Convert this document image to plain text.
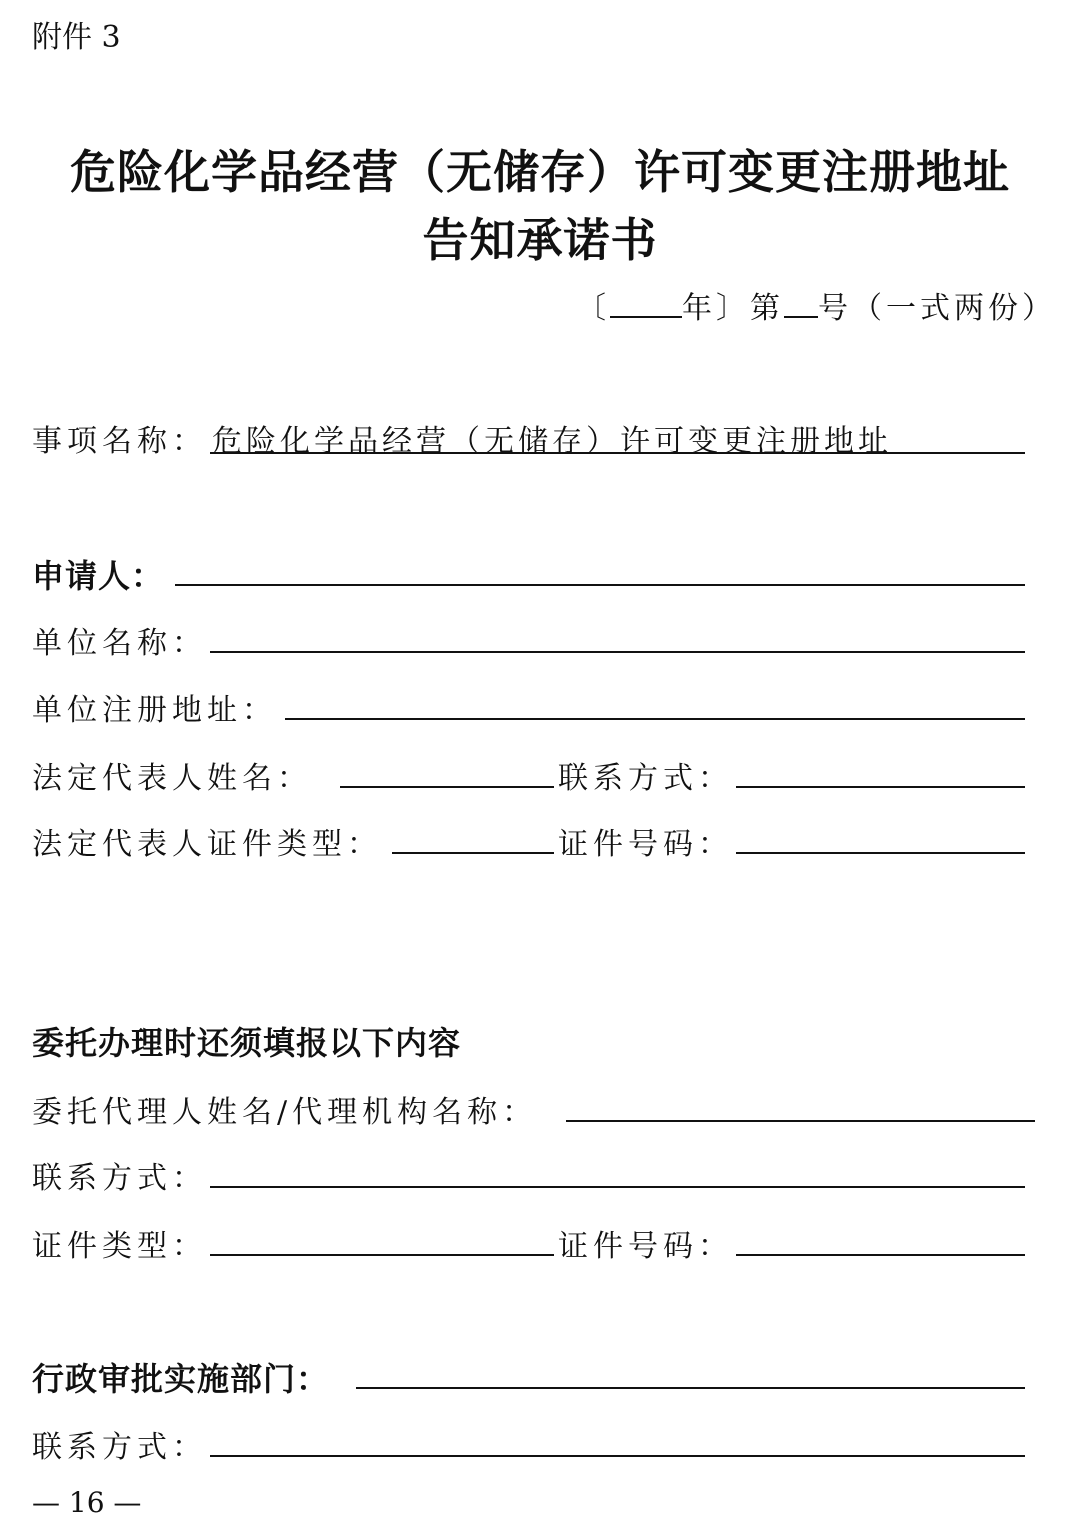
附件 3
危险化学品经营（无储存）许可变更注册地址
告知承诺书
〔 年〕第 号（一式两份）
事项名称： 危险化学品经营（无储存）许可变更注册地址
申请人：
单位名称：
单位注册地址：
法定代表人姓名：	联系方式：
法定代表人证件类型：	证件号码：
委托办理时还须填报以下内容
委托代理人姓名/代理机构名称：
联系方式：
证件类型：	证件号码：
行政审批实施部门：
联系方式：
— 16 —
